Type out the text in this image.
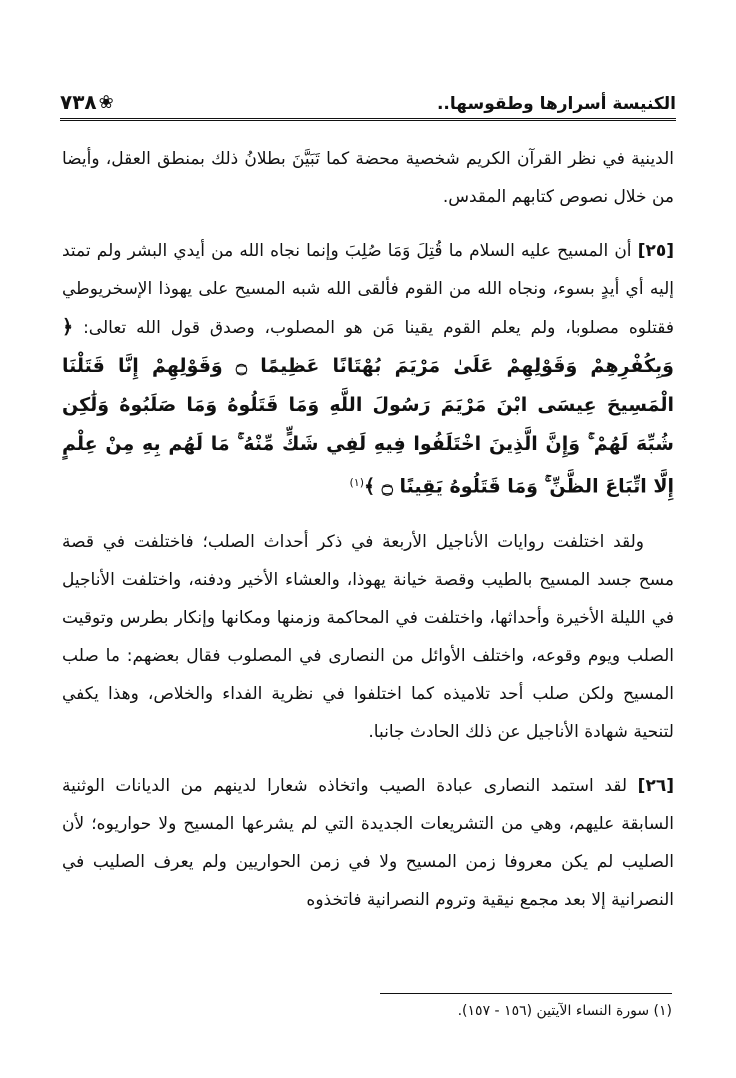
❀
٧٣٨	الكنيسة أسرارها وطقوسها..

الدينية في نظر القرآن الكريم شخصية محضة كما تَبَيَّنَ بطلانُ ذلك بمنطق العقل، وأيضا من خلال نصوص كتابهم المقدس.

[٢٥] أن المسيح عليه السلام ما قُتِلَ وَمَا صُلِبَ وإنما نجاه الله من أيدي البشر ولم تمتد إليه أي أيدٍ بسوء، ونجاه الله من القوم فألقى الله شبه المسيح على يهوذا الإسخريوطي فقتلوه مصلوبا، ولم يعلم القوم يقينا مَن هو المصلوب، وصدق قول الله تعالى: ﴿ وَبِكُفْرِهِمْ وَقَوْلِهِمْ عَلَىٰ مَرْيَمَ بُهْتَانًا عَظِيمًا ۝ وَقَوْلِهِمْ إِنَّا قَتَلْنَا الْمَسِيحَ عِيسَى ابْنَ مَرْيَمَ رَسُولَ اللَّهِ وَمَا قَتَلُوهُ وَمَا صَلَبُوهُ وَلَٰكِن شُبِّهَ لَهُمْ ۚ وَإِنَّ الَّذِينَ اخْتَلَفُوا فِيهِ لَفِي شَكٍّ مِّنْهُ ۚ مَا لَهُم بِهِ مِنْ عِلْمٍ إِلَّا اتِّبَاعَ الظَّنِّ ۚ وَمَا قَتَلُوهُ يَقِينًا ۝ ﴾$^{(١)}$

ولقد اختلفت روايات الأناجيل الأربعة في ذكر أحداث الصلب؛ فاختلفت في قصة مسح جسد المسيح بالطيب وقصة خيانة يهوذا، والعشاء الأخير ودفنه، واختلفت الأناجيل في الليلة الأخيرة وأحداثها، واختلفت في المحاكمة وزمنها ومكانها وإنكار بطرس وتوقيت الصلب ويوم وقوعه، واختلف الأوائل من النصارى في المصلوب فقال بعضهم: ما صلب المسيح ولكن صلب أحد تلاميذه كما اختلفوا في نظرية الفداء والخلاص، وهذا يكفي لتنحية شهادة الأناجيل عن ذلك الحادث جانبا.

[٢٦] لقد استمد النصارى عبادة الصيب واتخاذه شعارا لدينهم من الديانات الوثنية السابقة عليهم، وهي من التشريعات الجديدة التي لم يشرعها المسيح ولا حواريوه؛ لأن الصليب لم يكن معروفا زمن المسيح ولا في زمن الحواريين ولم يعرف الصليب في النصرانية إلا بعد مجمع نيقية وتروم النصرانية فاتخذوه

(١) سورة النساء الآيتين (١٥٦ - ١٥٧).
